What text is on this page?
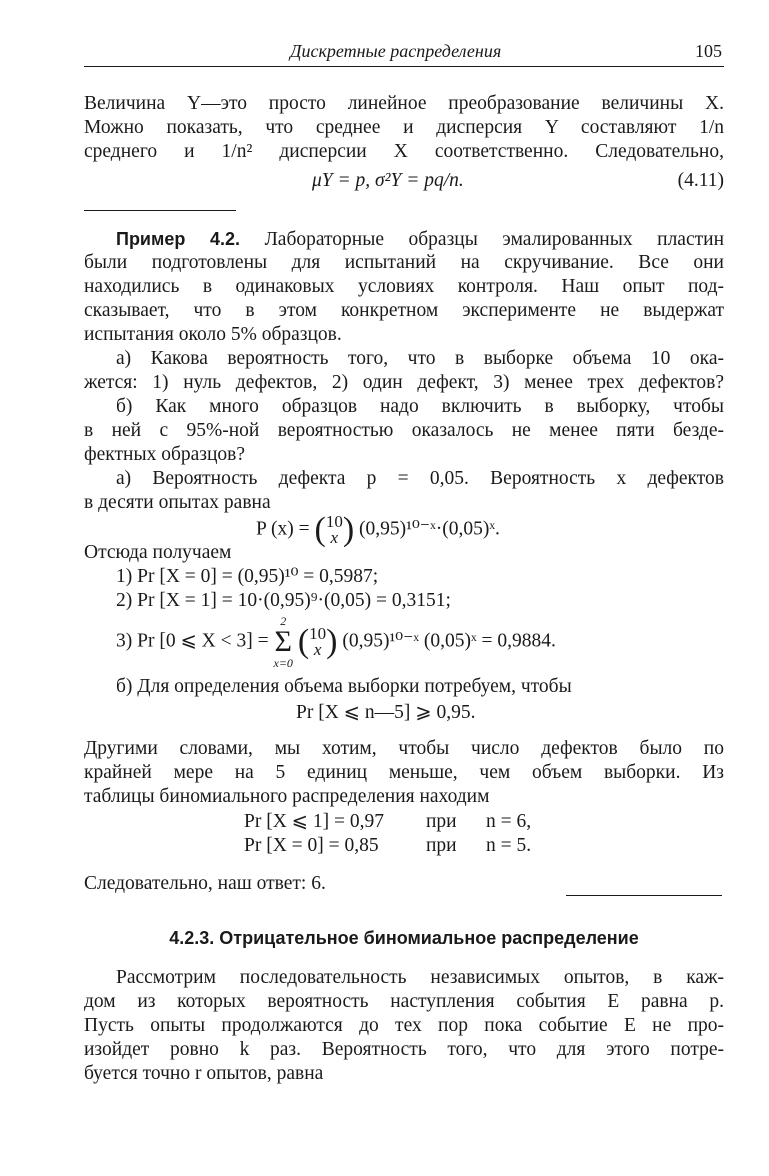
Дискретные распределения	105
Величина Y—это просто линейное преобразование величины X.
Можно показать, что среднее и дисперсия Y составляют 1/n
среднего и 1/n² дисперсии X соответственно. Следовательно,
μY = p, σ²Y = pq/n.	(4.11)
Пример 4.2. Лабораторные образцы эмалированных пластин
были подготовлены для испытаний на скручивание. Все они
находились в одинаковых условиях контроля. Наш опыт под-
сказывает, что в этом конкретном эксперименте не выдержат
испытания около 5% образцов.
а) Какова вероятность того, что в выборке объема 10 ока-
жется: 1) нуль дефектов, 2) один дефект, 3) менее трех дефектов?
б) Как много образцов надо включить в выборку, чтобы
в ней с 95%-ной вероятностью оказалось не менее пяти безде-
фектных образцов?
а) Вероятность дефекта p = 0,05. Вероятность x дефектов
в десяти опытах равна
P (x) = (10
x ) (0,95)¹⁰⁻ˣ·(0,05)ˣ.
Отсюда получаем
1) Pr [X = 0] = (0,95)¹⁰ = 0,5987;
2) Pr [X = 1] = 10·(0,95)⁹·(0,05) = 0,3151;
3) Pr [0 ⩽ X < 3] =
2
Σ
x=0
(10
x ) (0,95)¹⁰⁻ˣ (0,05)ˣ = 0,9884.
б) Для определения объема выборки потребуем, чтобы
Pr [X ⩽ n—5] ⩾ 0,95.
Другими словами, мы хотим, чтобы число дефектов было по
крайней мере на 5 единиц меньше, чем объем выборки. Из
таблицы биномиального распределения находим
Pr [X ⩽ 1] = 0,97 при n = 6,
Pr [X = 0] = 0,85 при n = 5.
Следовательно, наш ответ: 6.
4.2.3. Отрицательное биномиальное распределение
Рассмотрим последовательность независимых опытов, в каж-
дом из которых вероятность наступления события E равна p.
Пусть опыты продолжаются до тех пор пока событие E не про-
изойдет ровно k раз. Вероятность того, что для этого потре-
буется точно r опытов, равна
